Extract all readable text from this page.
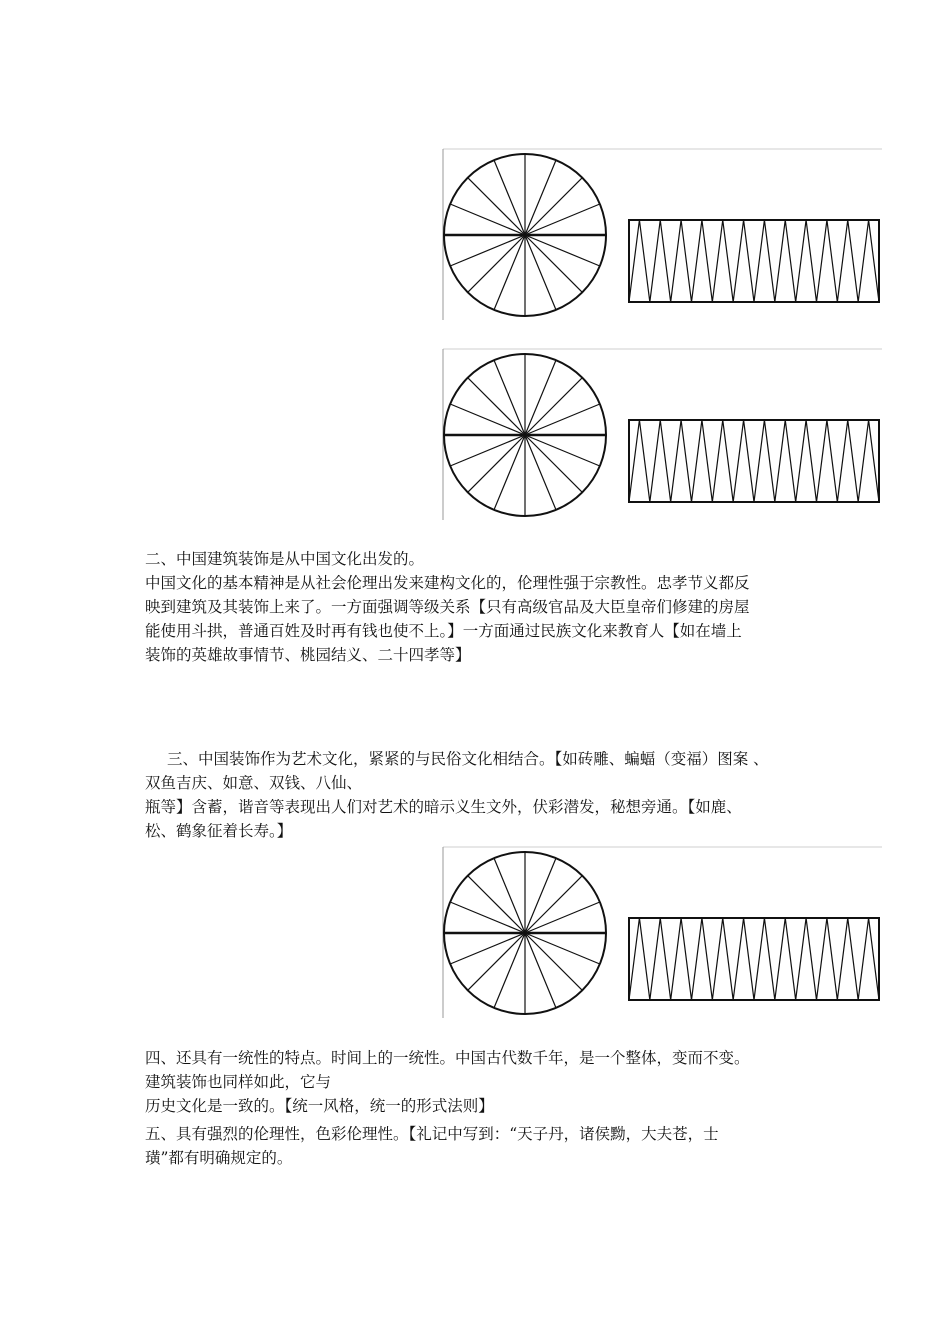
二、中国建筑装饰是从中国文化出发的。
中国文化的基本精神是从社会伦理出发来建构文化的，伦理性强于宗教性。忠孝节义都反
映到建筑及其装饰上来了。一方面强调等级关系【只有高级官品及大臣皇帝们修建的房屋
能使用斗拱，普通百姓及时再有钱也使不上。】一方面通过民族文化来教育人【如在墙上
装饰的英雄故事情节、桃园结义、二十四孝等】
三、中国装饰作为艺术文化，紧紧的与民俗文化相结合。【如砖雕、蝙蝠（变福）图案 、
双鱼吉庆、如意、双钱、八仙、
瓶等】含蓄，谐音等表现出人们对艺术的暗示义生文外，伏彩潜发，秘想旁通。【如鹿、
松、鹤象征着长寿。】
四、还具有一统性的特点。时间上的一统性。中国古代数千年，是一个整体，变而不变。
建筑装饰也同样如此，它与
历史文化是一致的。【统一风格，统一的形式法则】
五、具有强烈的伦理性，色彩伦理性。【礼记中写到：“天子丹，诸侯黝，大夫苍，士
璜”都有明确规定的。
